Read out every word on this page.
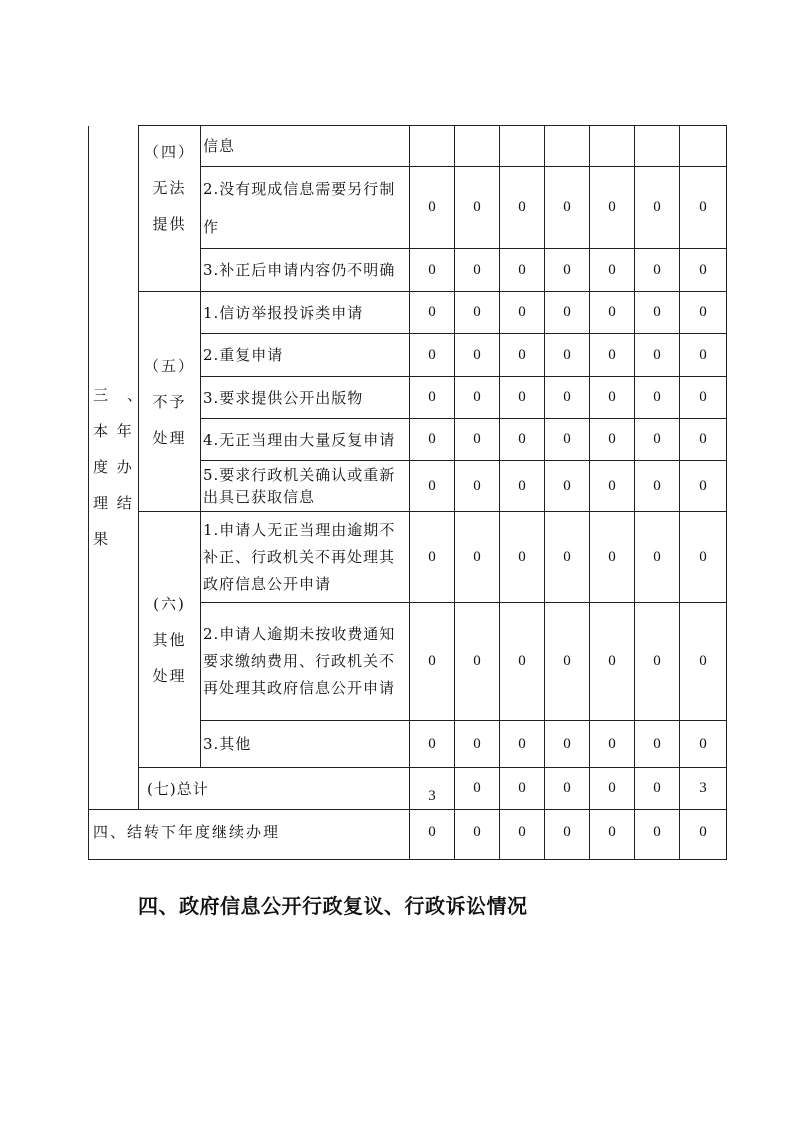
三　、
本 年
度 办
理 结
果	（四）
无法
提供	信息							
		2.没有现成信息需要另行制作	0	0	0	0	0	0	0
		3.补正后申请内容仍不明确	0	0	0	0	0	0	0

	（五）
不予
处理	1.信访举报投诉类申请	0	0	0	0	0	0	0
		2.重复申请	0	0	0	0	0	0	0
		3.要求提供公开出版物	0	0	0	0	0	0	0
		4.无正当理由大量反复申请	0	0	0	0	0	0	0
		5.要求行政机关确认或重新出具已获取信息	0	0	0	0	0	0	0

	(六)
其他
处理	1.申请人无正当理由逾期不补正、行政机关不再处理其政府信息公开申请	0	0	0	0	0	0	0
		2.申请人逾期未按收费通知要求缴纳费用、行政机关不再处理其政府信息公开申请	0	0	0	0	0	0	0
		3.其他	0	0	0	0	0	0	0
	(七)总计		3	0	0	0	0	0	3
四、结转下年度继续办理	0	0	0	0	0	0	0
四、政府信息公开行政复议、行政诉讼情况
